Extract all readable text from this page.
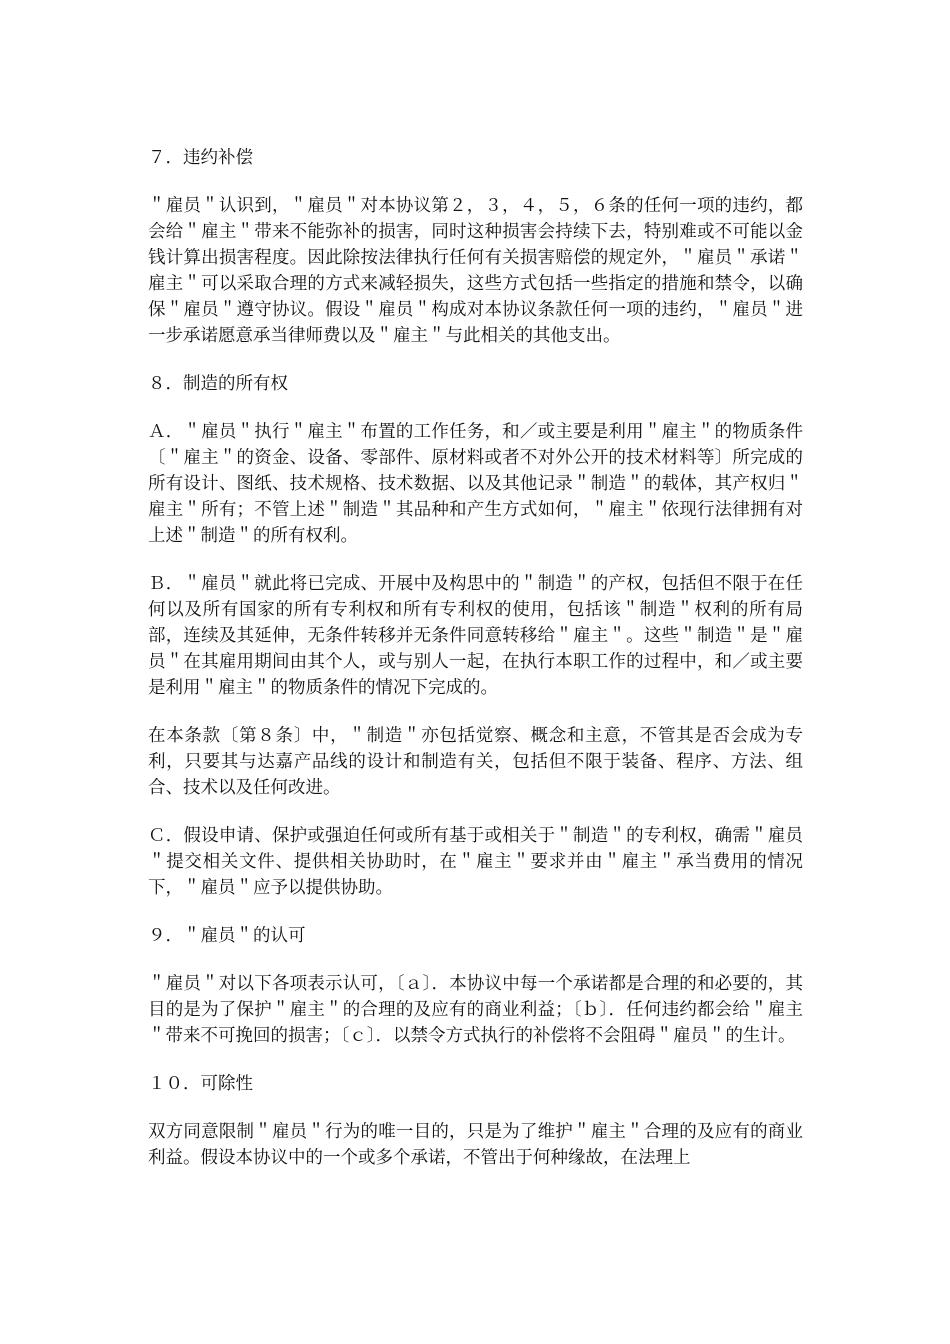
７．违约补偿

＂雇员＂认识到，＂雇员＂对本协议第２，３，４，５，６条的任何一项的违约，都会给＂雇主＂带来不能弥补的损害，同时这种损害会持续下去，特别难或不可能以金钱计算出损害程度。因此除按法律执行任何有关损害赔偿的规定外，＂雇员＂承诺＂雇主＂可以采取合理的方式来减轻损失，这些方式包括一些指定的措施和禁令，以确保＂雇员＂遵守协议。假设＂雇员＂构成对本协议条款任何一项的违约，＂雇员＂进一步承诺愿意承当律师费以及＂雇主＂与此相关的其他支出。

８．制造的所有权

Ａ．＂雇员＂执行＂雇主＂布置的工作任务，和／或主要是利用＂雇主＂的物质条件〔＂雇主＂的资金、设备、零部件、原材料或者不对外公开的技术材料等〕所完成的所有设计、图纸、技术规格、技术数据、以及其他记录＂制造＂的载体，其产权归＂雇主＂所有；不管上述＂制造＂其品种和产生方式如何，＂雇主＂依现行法律拥有对上述＂制造＂的所有权利。

Ｂ．＂雇员＂就此将已完成、开展中及构思中的＂制造＂的产权，包括但不限于在任何以及所有国家的所有专利权和所有专利权的使用，包括该＂制造＂权利的所有局部，连续及其延伸，无条件转移并无条件同意转移给＂雇主＂。这些＂制造＂是＂雇员＂在其雇用期间由其个人，或与别人一起，在执行本职工作的过程中，和／或主要是利用＂雇主＂的物质条件的情况下完成的。

在本条款〔第８条〕中，＂制造＂亦包括觉察、概念和主意，不管其是否会成为专利，只要其与达嘉产品线的设计和制造有关，包括但不限于装备、程序、方法、组合、技术以及任何改进。

Ｃ．假设申请、保护或强迫任何或所有基于或相关于＂制造＂的专利权，确需＂雇员＂提交相关文件、提供相关协助时，在＂雇主＂要求并由＂雇主＂承当费用的情况下，＂雇员＂应予以提供协助。

９．＂雇员＂的认可

＂雇员＂对以下各项表示认可，〔ａ〕．本协议中每一个承诺都是合理的和必要的，其目的是为了保护＂雇主＂的合理的及应有的商业利益；〔ｂ〕．任何违约都会给＂雇主＂带来不可挽回的损害；〔ｃ〕．以禁令方式执行的补偿将不会阻碍＂雇员＂的生计。

１０．可除性

双方同意限制＂雇员＂行为的唯一目的，只是为了维护＂雇主＂合理的及应有的商业利益。假设本协议中的一个或多个承诺，不管出于何种缘故，在法理上
